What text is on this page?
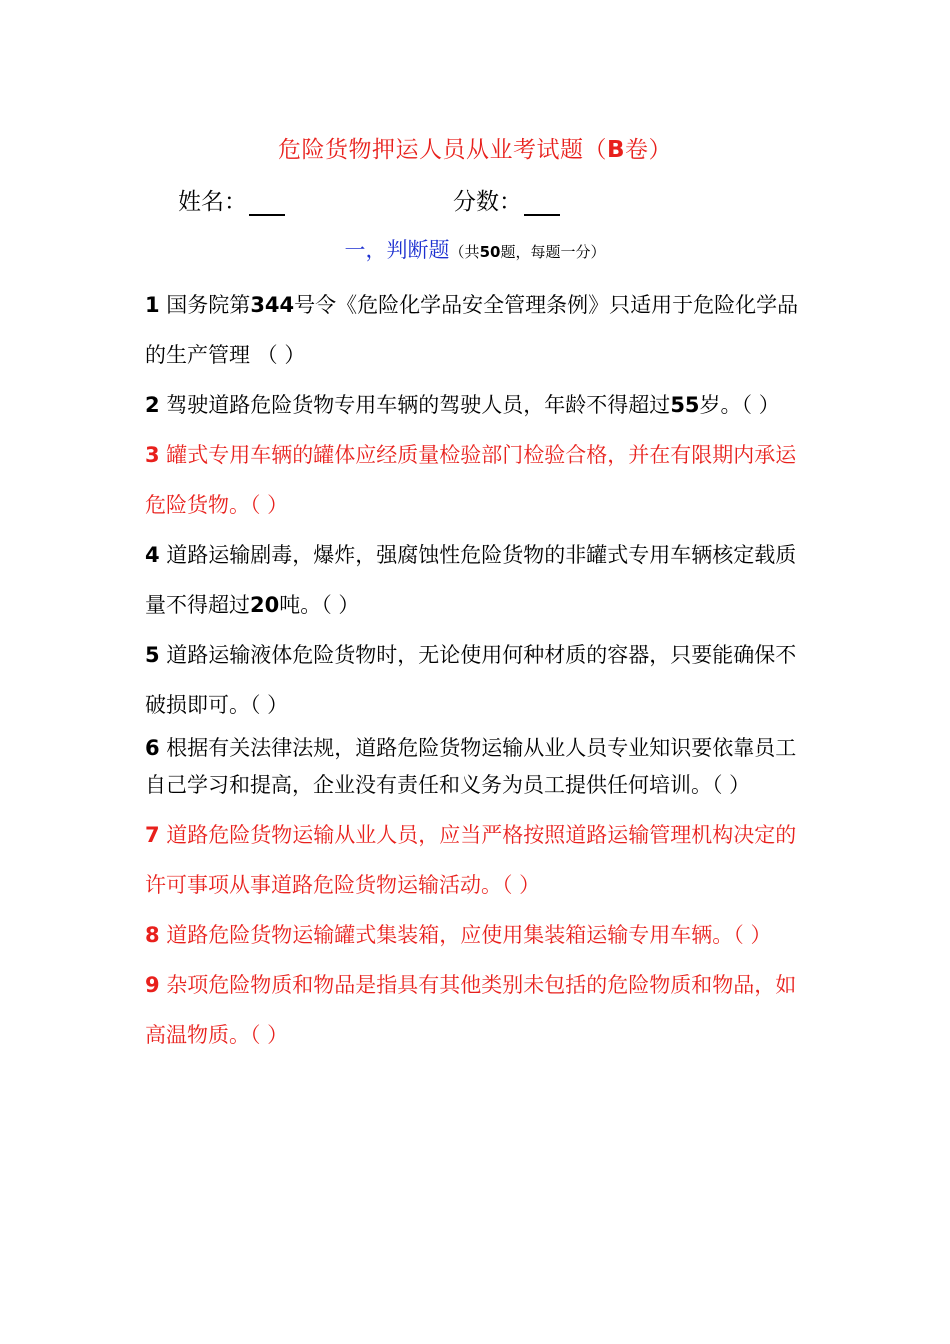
危险货物押运人员从业考试题（B卷）
姓名：	分数：
一，判断题（共50题，每题一分）

1 国务院第344号令《危险化学品安全管理条例》只适用于危险化学品的生产管理 （ ）

2 驾驶道路危险货物专用车辆的驾驶人员，年龄不得超过55岁。（ ）

3 罐式专用车辆的罐体应经质量检验部门检验合格，并在有限期内承运危险货物。（ ）

4 道路运输剧毒，爆炸，强腐蚀性危险货物的非罐式专用车辆核定载质量不得超过20吨。（ ）

5 道路运输液体危险货物时，无论使用何种材质的容器，只要能确保不破损即可。（ ）

6 根据有关法律法规，道路危险货物运输从业人员专业知识要依靠员工自己学习和提高，企业没有责任和义务为员工提供任何培训。（ ）

7 道路危险货物运输从业人员，应当严格按照道路运输管理机构决定的许可事项从事道路危险货物运输活动。（ ）

8 道路危险货物运输罐式集装箱，应使用集装箱运输专用车辆。（ ）

9 杂项危险物质和物品是指具有其他类别未包括的危险物质和物品，如高温物质。（ ）
